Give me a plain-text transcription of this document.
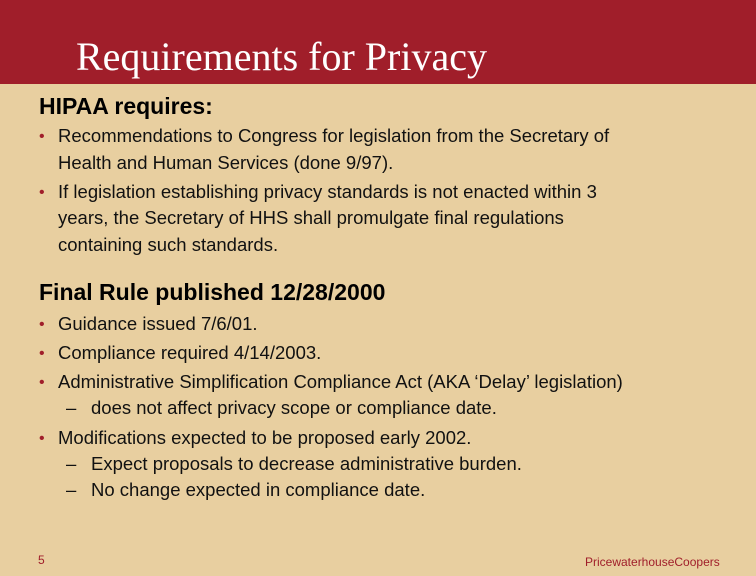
Requirements for Privacy
HIPAA requires:
• Recommendations to Congress for legislation from the Secretary of
Health and Human Services (done 9/97).
• If legislation establishing privacy standards is not enacted within 3
years, the Secretary of HHS shall promulgate final regulations
containing such standards.
Final Rule published 12/28/2000
• Guidance issued 7/6/01.
• Compliance required 4/14/2003.
• Administrative Simplification Compliance Act (AKA ‘Delay’ legislation)
– does not affect privacy scope or compliance date.
• Modifications expected to be proposed early 2002.
– Expect proposals to decrease administrative burden.
– No change expected in compliance date.
5	PricewaterhouseCoopers
